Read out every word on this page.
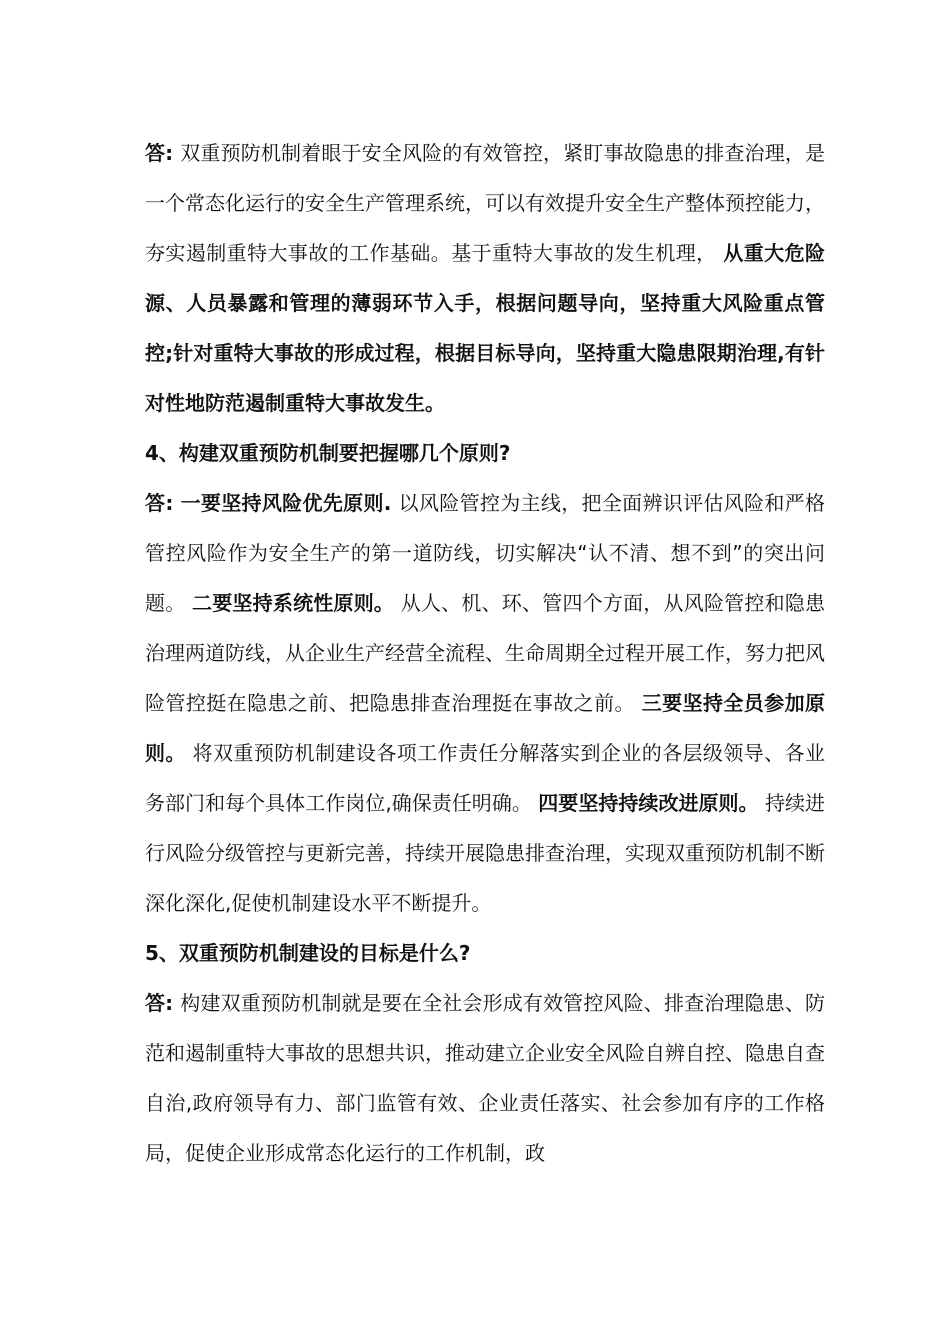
答: 双重预防机制着眼于安全风险的有效管控，紧盯事故隐患的排查治理，是一个常态化运行的安全生产管理系统，可以有效提升安全生产整体预控能力，夯实遏制重特大事故的工作基础。基于重特大事故的发生机理， 从重大危险源、人员暴露和管理的薄弱环节入手，根据问题导向，坚持重大风险重点管控;针对重特大事故的形成过程，根据目标导向，坚持重大隐患限期治理,有针对性地防范遏制重特大事故发生。

4、构建双重预防机制要把握哪几个原则?

答: 一要坚持风险优先原则. 以风险管控为主线，把全面辨识评估风险和严格管控风险作为安全生产的第一道防线，切实解决“认不清、想不到”的突出问题。 二要坚持系统性原则。 从人、机、环、管四个方面，从风险管控和隐患治理两道防线，从企业生产经营全流程、生命周期全过程开展工作，努力把风险管控挺在隐患之前、把隐患排查治理挺在事故之前。 三要坚持全员参加原则。 将双重预防机制建设各项工作责任分解落实到企业的各层级领导、各业务部门和每个具体工作岗位,确保责任明确。 四要坚持持续改进原则。 持续进行风险分级管控与更新完善，持续开展隐患排查治理，实现双重预防机制不断深化深化,促使机制建设水平不断提升。

5、双重预防机制建设的目标是什么?

答: 构建双重预防机制就是要在全社会形成有效管控风险、排查治理隐患、防范和遏制重特大事故的思想共识，推动建立企业安全风险自辨自控、隐患自查自治,政府领导有力、部门监管有效、企业责任落实、社会参加有序的工作格局，促使企业形成常态化运行的工作机制，政
